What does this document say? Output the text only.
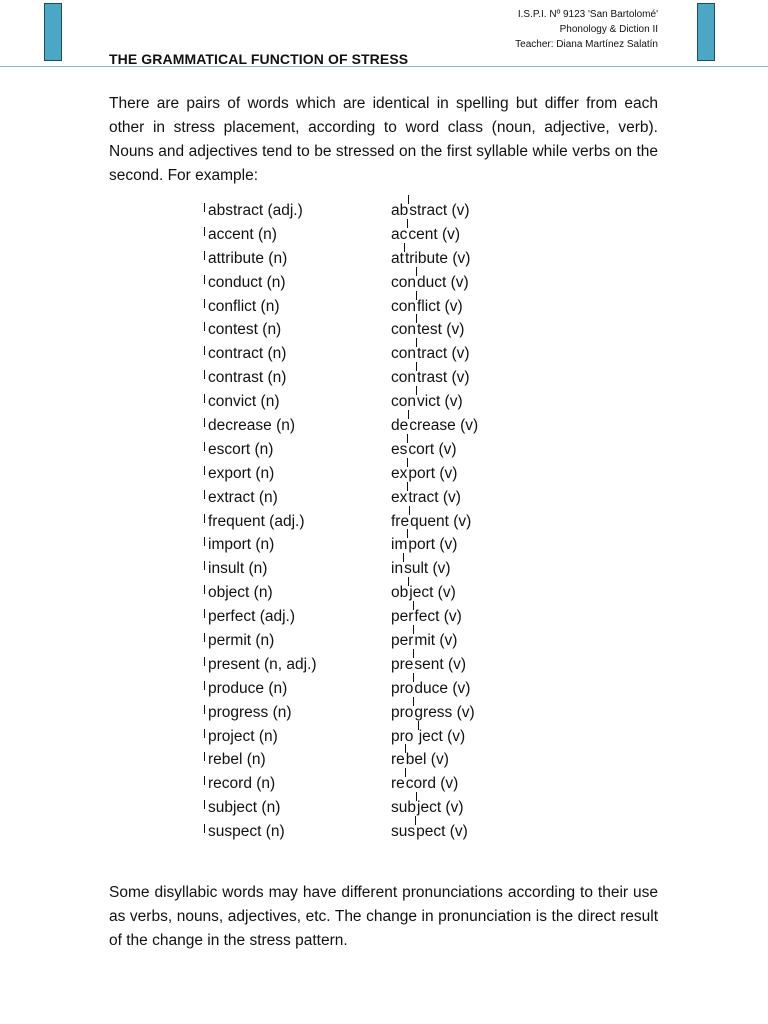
I.S.P.I. Nº 9123 'San Bartolomé'
Phonology & Diction II
Teacher: Diana Martínez Salatín
THE GRAMMATICAL FUNCTION OF STRESS

There are pairs of words which are identical in spelling but differ from each other in stress placement, according to word class (noun, adjective, verb). Nouns and adjectives tend to be stressed on the first syllable while verbs on the second. For example:

abstract (adj.)	abstract (v)
accent (n)	accent (v)
attribute (n)	attribute (v)
conduct (n)	conduct (v)
conflict (n)	conflict (v)
contest (n)	contest (v)
contract (n)	contract (v)
contrast (n)	contrast (v)
convict (n)	convict (v)
decrease (n)	decrease (v)
escort (n)	escort (v)
export (n)	export (v)
extract (n)	extract (v)
frequent (adj.)	frequent (v)
import (n)	import (v)
insult (n)	insult (v)
object (n)	object (v)
perfect (adj.)	perfect (v)
permit (n)	permit (v)
present (n, adj.)	present (v)
produce (n)	produce (v)
progress (n)	progress (v)
project (n)	pro ject (v)
rebel (n)	rebel (v)
record (n)	record (v)
subject (n)	subject (v)
suspect (n)	suspect (v)

Some disyllabic words may have different pronunciations according to their use as verbs, nouns, adjectives, etc. The change in pronunciation is the direct result of the change in the stress pattern.
